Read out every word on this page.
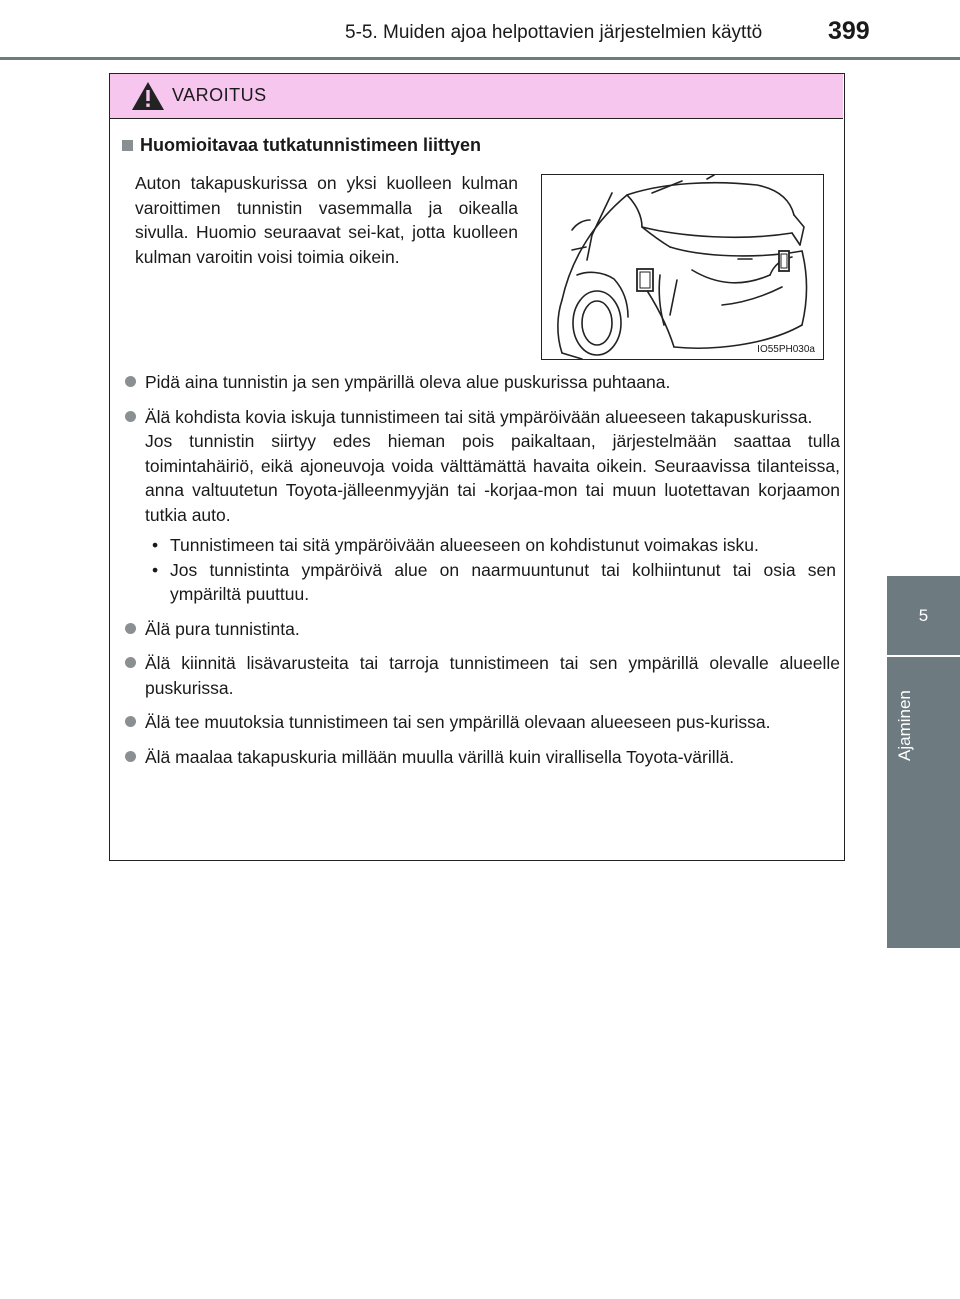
5-5. Muiden ajoa helpottavien järjestelmien käyttö	399
5
Ajaminen
VAROITUS
Huomioitavaa tutkatunnistimeen liittyen
Auton takapuskurissa on yksi kuolleen kulman varoittimen tunnistin vasemmalla ja oikealla sivulla. Huomio seuraavat sei-kat, jotta kuolleen kulman varoitin voisi toimia oikein.
IO55PH030a
Pidä aina tunnistin ja sen ympärillä oleva alue puskurissa puhtaana.
Älä kohdista kovia iskuja tunnistimeen tai sitä ympäröivään alueeseen takapuskurissa.
Jos tunnistin siirtyy edes hieman pois paikaltaan, järjestelmään saattaa tulla toimintahäiriö, eikä ajoneuvoja voida välttämättä havaita oikein. Seuraavissa tilanteissa, anna valtuutetun Toyota-jälleenmyyjän tai -korjaa-mon tai muun luotettavan korjaamon tutkia auto.
• Tunnistimeen tai sitä ympäröivään alueeseen on kohdistunut voimakas isku.
• Jos tunnistinta ympäröivä alue on naarmuuntunut tai kolhiintunut tai osia sen ympäriltä puuttuu.
Älä pura tunnistinta.
Älä kiinnitä lisävarusteita tai tarroja tunnistimeen tai sen ympärillä olevalle alueelle puskurissa.
Älä tee muutoksia tunnistimeen tai sen ympärillä olevaan alueeseen pus-kurissa.
Älä maalaa takapuskuria millään muulla värillä kuin virallisella Toyota-värillä.
